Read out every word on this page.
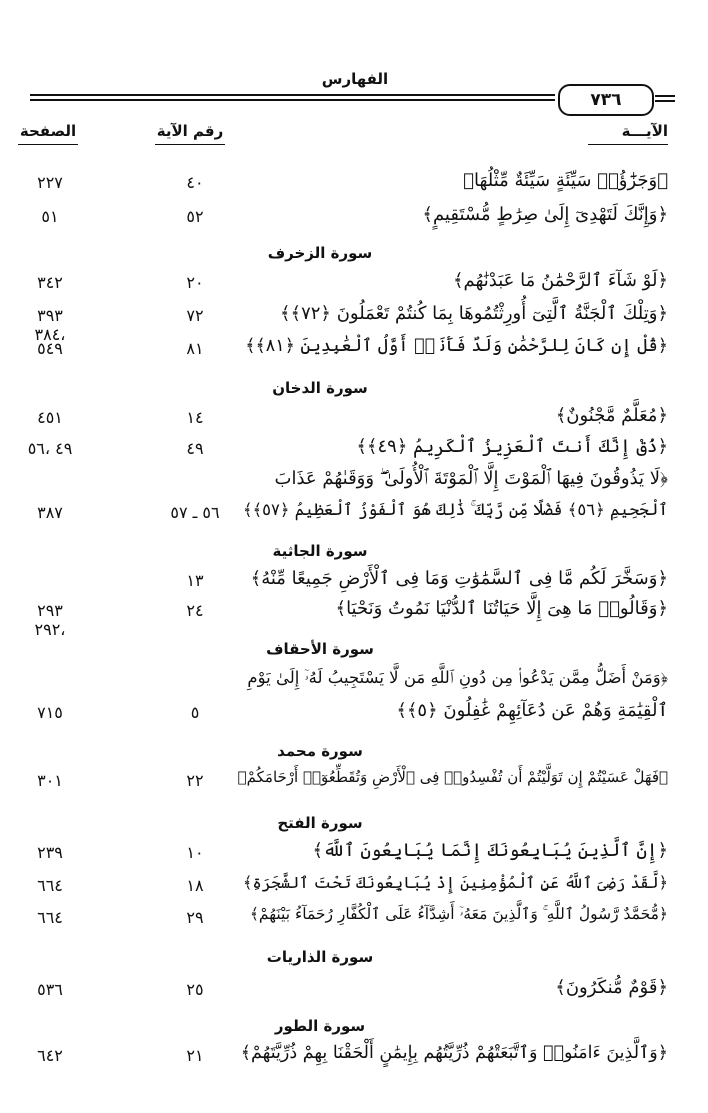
الفهارس
٧٣٦
الآيـــة
رقم الآية
الصفحة
سورة الزخرف
سورة الدخان
سورة الجاثية
سورة الأحقاف
سورة محمد
سورة الفتح
سورة الذاريات
سورة الطور
﴿وَجَزَٰٓؤُا۟ سَيِّئَةٍ سَيِّئَةٌ مِّثْلُهَا﴾
٤٠
٢٢٧
﴿وَإِنَّكَ لَتَهْدِىٓ إِلَىٰ صِرَٰطٍ مُّسْتَقِيمٍ﴾
٥٢
٥١
﴿لَوْ شَآءَ ٱلرَّحْمَٰنُ مَا عَبَدْنَٰهُم﴾
٢٠
٣٤٢
﴿وَتِلْكَ ٱلْجَنَّةُ ٱلَّتِىٓ أُورِثْتُمُوهَا بِمَا كُنتُمْ تَعْمَلُونَ ﴿٧٢﴾﴾
٧٢
٣٩٣ ،٣٨٤
﴿قُلْ إِن كَانَ لِلرَّحْمَٰنِ وَلَدٌ فَأَنَا۠ أَوَّلُ ٱلْعَٰبِدِينَ ﴿٨١﴾﴾
٨١
٥٤٩
﴿مُعَلَّمٌ مَّجْنُونٌ﴾
١٤
٤٥١
﴿ذُقْ إِنَّكَ أَنتَ ٱلْعَزِيزُ ٱلْكَرِيمُ ﴿٤٩﴾﴾
٤٩
٤٩ ،٥٦
﴿لَا يَذُوقُونَ فِيهَا ٱلْمَوْتَ إِلَّا ٱلْمَوْتَةَ ٱلْأُولَىٰ ۖ وَوَقَىٰهُمْ عَذَابَ
ٱلْجَحِيمِ ﴿٥٦﴾ فَضْلًا مِّن رَّبِّكَ ۚ ذَٰلِكَ هُوَ ٱلْفَوْزُ ٱلْعَظِيمُ ﴿٥٧﴾﴾
٥٦ ـ ٥٧
٣٨٧
﴿وَسَخَّرَ لَكُم مَّا فِى ٱلسَّمَٰوَٰتِ وَمَا فِى ٱلْأَرْضِ جَمِيعًا مِّنْهُ﴾
١٣
﴿وَقَالُوا۟ مَا هِىَ إِلَّا حَيَاتُنَا ٱلدُّنْيَا نَمُوتُ وَنَحْيَا﴾
٢٤
٢٩٣ ،٢٩٢
﴿وَمَنْ أَضَلُّ مِمَّن يَدْعُوا۟ مِن دُونِ ٱللَّهِ مَن لَّا يَسْتَجِيبُ لَهُۥٓ إِلَىٰ يَوْمِ
ٱلْقِيَٰمَةِ وَهُمْ عَن دُعَآئِهِمْ غَٰفِلُونَ ﴿٥﴾﴾
٥
٧١٥
﴿فَهَلْ عَسَيْتُمْ إِن تَوَلَّيْتُمْ أَن تُفْسِدُوا۟ فِى ٱلْأَرْضِ وَتُقَطِّعُوٓا۟ أَرْحَامَكُمْ﴾
٢٢
٣٠١
﴿إِنَّ ٱلَّذِينَ يُبَايِعُونَكَ إِنَّمَا يُبَايِعُونَ ٱللَّهَ﴾
١٠
٢٣٩
﴿لَّقَدْ رَضِىَ ٱللَّهُ عَنِ ٱلْمُؤْمِنِينَ إِذْ يُبَايِعُونَكَ تَحْتَ ٱلشَّجَرَةِ﴾
١٨
٦٦٤
﴿مُّحَمَّدٌ رَّسُولُ ٱللَّهِ ۚ وَٱلَّذِينَ مَعَهُۥٓ أَشِدَّآءُ عَلَى ٱلْكُفَّارِ رُحَمَآءُ بَيْنَهُمْ﴾
٢٩
٦٦٤
﴿قَوْمٌ مُّنكَرُونَ﴾
٢٥
٥٣٦
﴿وَٱلَّذِينَ ءَامَنُوا۟ وَٱتَّبَعَتْهُمْ ذُرِّيَّتُهُم بِإِيمَٰنٍ أَلْحَقْنَا بِهِمْ ذُرِّيَّتَهُمْ﴾
٢١
٦٤٢
